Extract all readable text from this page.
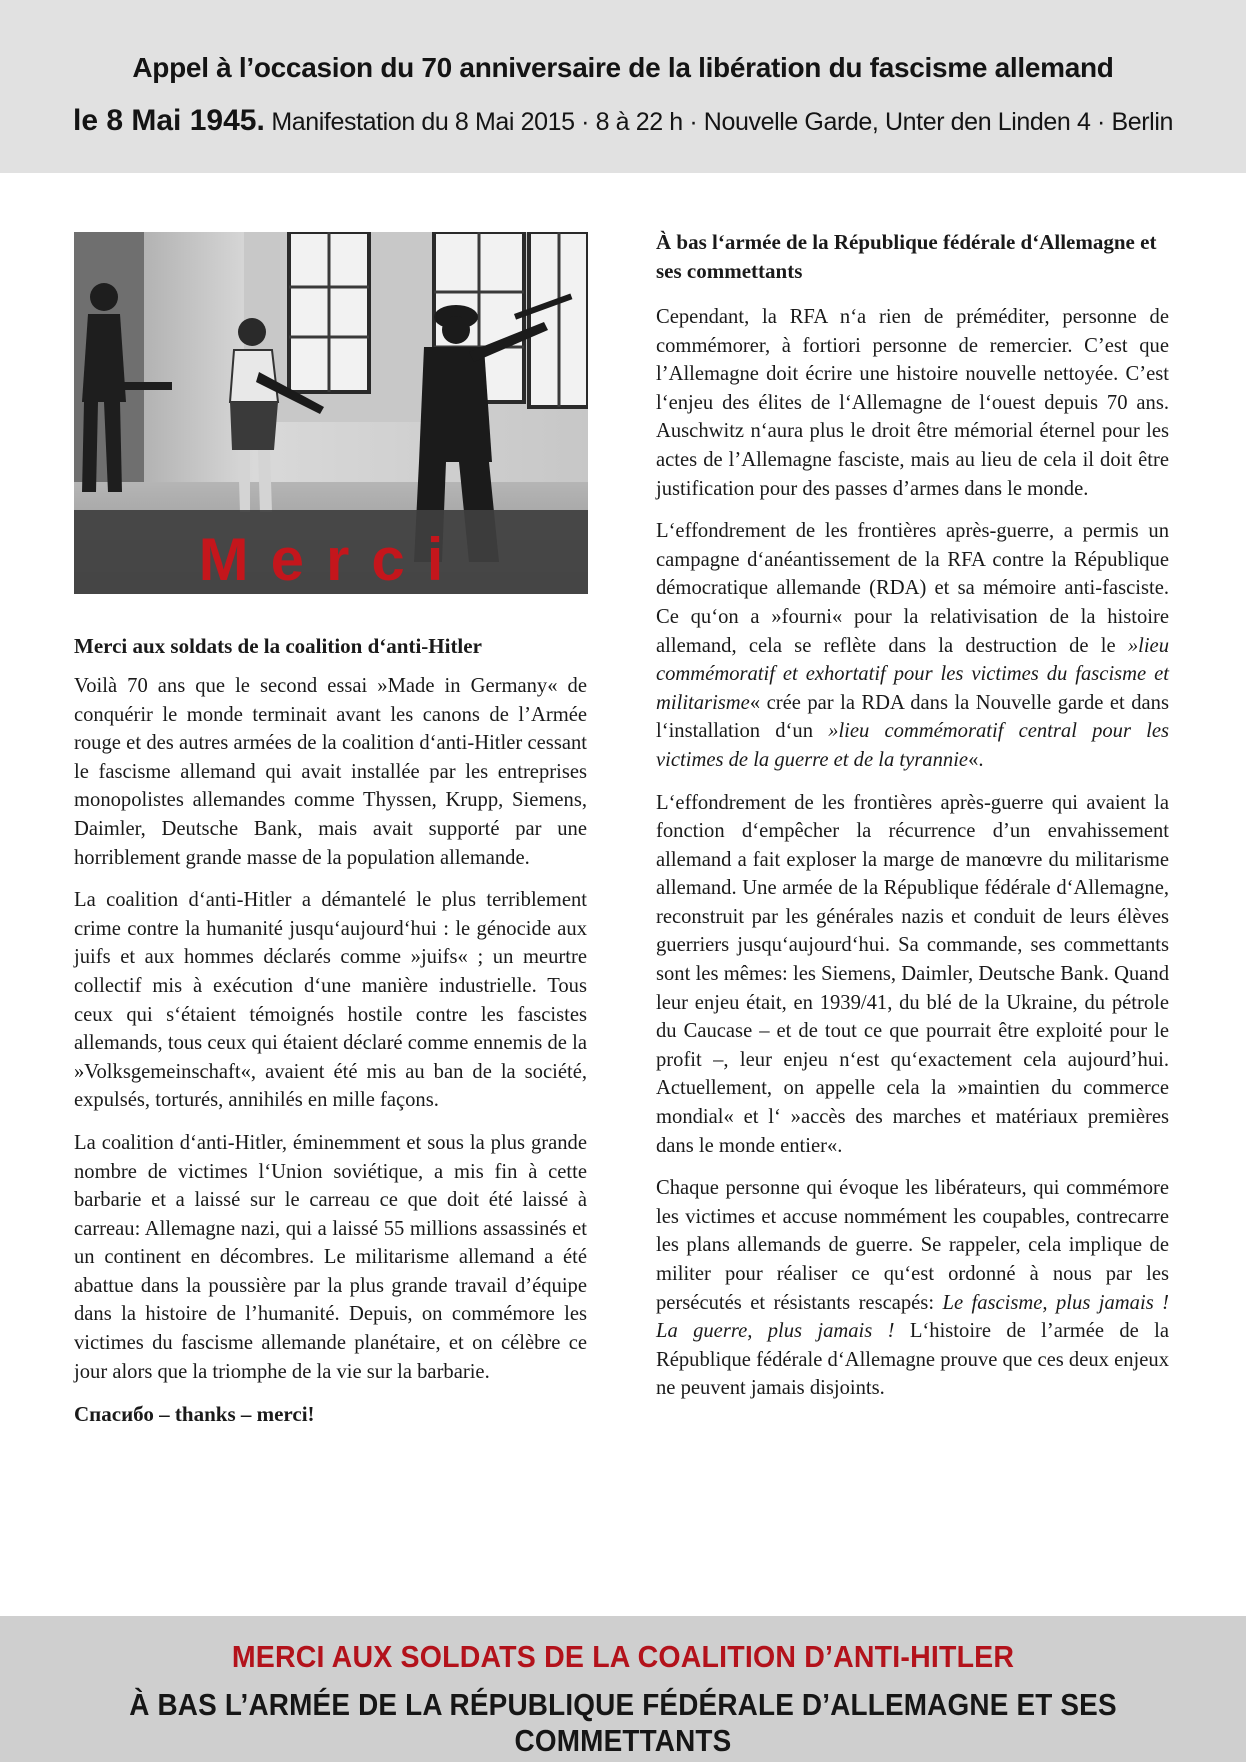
Appel à l’occasion du 70 anniversaire de la libération du fascisme allemand
le 8 Mai 1945. Manifestation du 8 Mai 2015 · 8 à 22 h · Nouvelle Garde, Unter den Linden 4 · Berlin
Merci
Merci aux soldats de la coalition d‘anti-Hitler

Voilà 70 ans que le second essai »Made in Germany« de conquérir le monde terminait avant les canons de l’Armée rouge et des autres armées de la coalition d‘anti-Hitler cessant le fascisme allemand qui avait installée par les entreprises monopolistes allemandes comme Thyssen, Krupp, Siemens, Daimler, Deutsche Bank, mais avait supporté par une horriblement grande masse de la population allemande.

La coalition d‘anti-Hitler a démantelé le plus terriblement crime contre la humanité jusqu‘aujourd‘hui : le génocide aux juifs et aux hommes déclarés comme »juifs« ; un meurtre collectif mis à exécution d‘une manière industrielle. Tous ceux qui s‘étaient témoignés hostile contre les fascistes allemands, tous ceux qui étaient déclaré comme ennemis de la »Volksgemeinschaft«, avaient été mis au ban de la société, expulsés, torturés, annihilés en mille façons.

La coalition d‘anti-Hitler, éminemment et sous la plus grande nombre de victimes l‘Union soviétique, a mis fin à cette barbarie et a laissé sur le carreau ce que doit été laissé à carreau: Allemagne nazi, qui a laissé 55 millions assassinés et un continent en décombres. Le militarisme allemand a été abattue dans la poussière par la plus grande travail d’équipe dans la histoire de l’humanité. Depuis, on commémore les victimes du fascisme allemande planétaire, et on célèbre ce jour alors que la triomphe de la vie sur la barbarie.

Спасибо – thanks – merci!

À bas l‘armée de la République fédérale d‘Allemagne et ses commettants

Cependant, la RFA n‘a rien de préméditer, personne de commémorer, à fortiori personne de remercier. C’est que l’Allemagne doit écrire une histoire nouvelle nettoyée. C’est l‘enjeu des élites de l‘Allemagne de l‘ouest depuis 70 ans. Auschwitz n‘aura plus le droit être mémorial éternel pour les actes de l’Allemagne fasciste, mais au lieu de cela il doit être justification pour des passes d’armes dans le monde.

L‘effondrement de les frontières après-guerre, a permis un campagne d‘anéantissement de la RFA contre la République démocratique allemande (RDA) et sa mémoire anti-fasciste. Ce qu‘on a »fourni« pour la relativisation de la histoire allemand, cela se reflète dans la destruction de le »lieu commémoratif et exhortatif pour les victimes du fascisme et militarisme« crée par la RDA dans la Nouvelle garde et dans l‘installation d‘un »lieu commémoratif central pour les victimes de la guerre et de la tyrannie«.

L‘effondrement de les frontières après-guerre qui avaient la fonction d‘empêcher la récurrence d’un envahissement allemand a fait exploser la marge de manœvre du militarisme allemand. Une armée de la République fédérale d‘Allemagne, reconstruit par les générales nazis et conduit de leurs élèves guerriers jusqu‘aujourd‘hui. Sa commande, ses commettants sont les mêmes: les Siemens, Daimler, Deutsche Bank. Quand leur enjeu était, en 1939/41, du blé de la Ukraine, du pétrole du Caucase – et de tout ce que pourrait être exploité pour le profit –, leur enjeu n‘est qu‘exactement cela aujourd’hui. Actuellement, on appelle cela la »maintien du commerce mondial« et l‘ »accès des marches et matériaux premières dans le monde entier«.

Chaque personne qui évoque les libérateurs, qui commémore les victimes et accuse nommément les coupables, contrecarre les plans allemands de guerre. Se rappeler, cela implique de militer pour réaliser ce qu‘est ordonné à nous par les persécutés et résistants rescapés: Le fascisme, plus jamais ! La guerre, plus jamais ! L‘histoire de l’armée de la République fédérale d‘Allemagne prouve que ces deux enjeux ne peuvent jamais disjoints.

MERCI AUX SOLDATS DE LA COALITION D’ANTI-HITLER
À BAS L’ARMÉE DE LA RÉPUBLIQUE FÉDÉRALE D’ALLEMAGNE ET SES COMMETTANTS
